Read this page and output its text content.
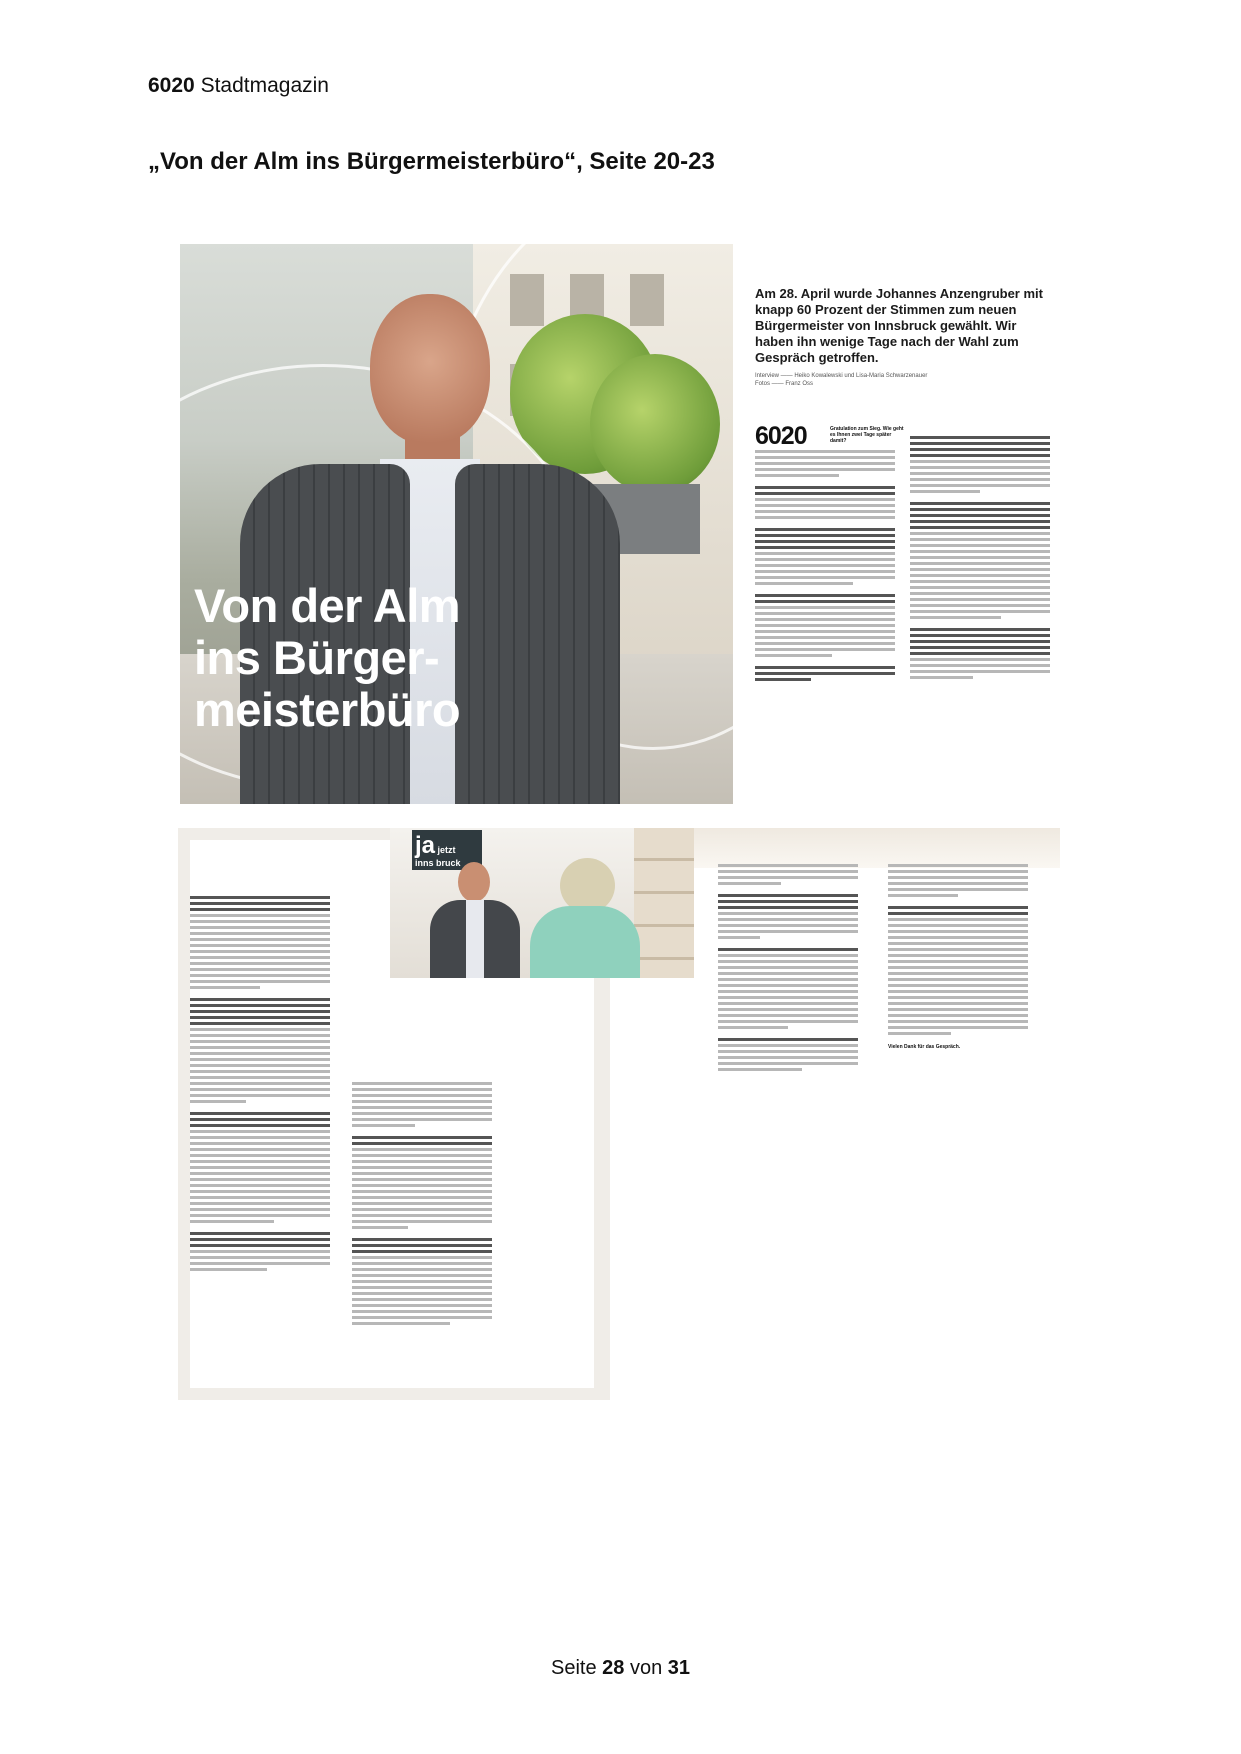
6020 Stadtmagazin
„Von der Alm ins Bürgermeisterbüro“, Seite 20-23
Von der Alm
ins Bürger-
meisterbüro
Am 28. April wurde Johannes Anzengruber mit knapp 60 Prozent der Stimmen zum neuen Bürgermeister von Innsbruck gewählt. Wir haben ihn wenige Tage nach der Wahl zum Gespräch getroffen.
Interview —— Heiko Kowalewski und Lisa-Maria Schwarzenauer
Fotos —— Franz Oss
6020	Gratulation zum Sieg. Wie geht es Ihnen zwei Tage später damit?
ja jetzt
inns bruck
Vielen Dank für das Gespräch.
Seite 28 von 31
